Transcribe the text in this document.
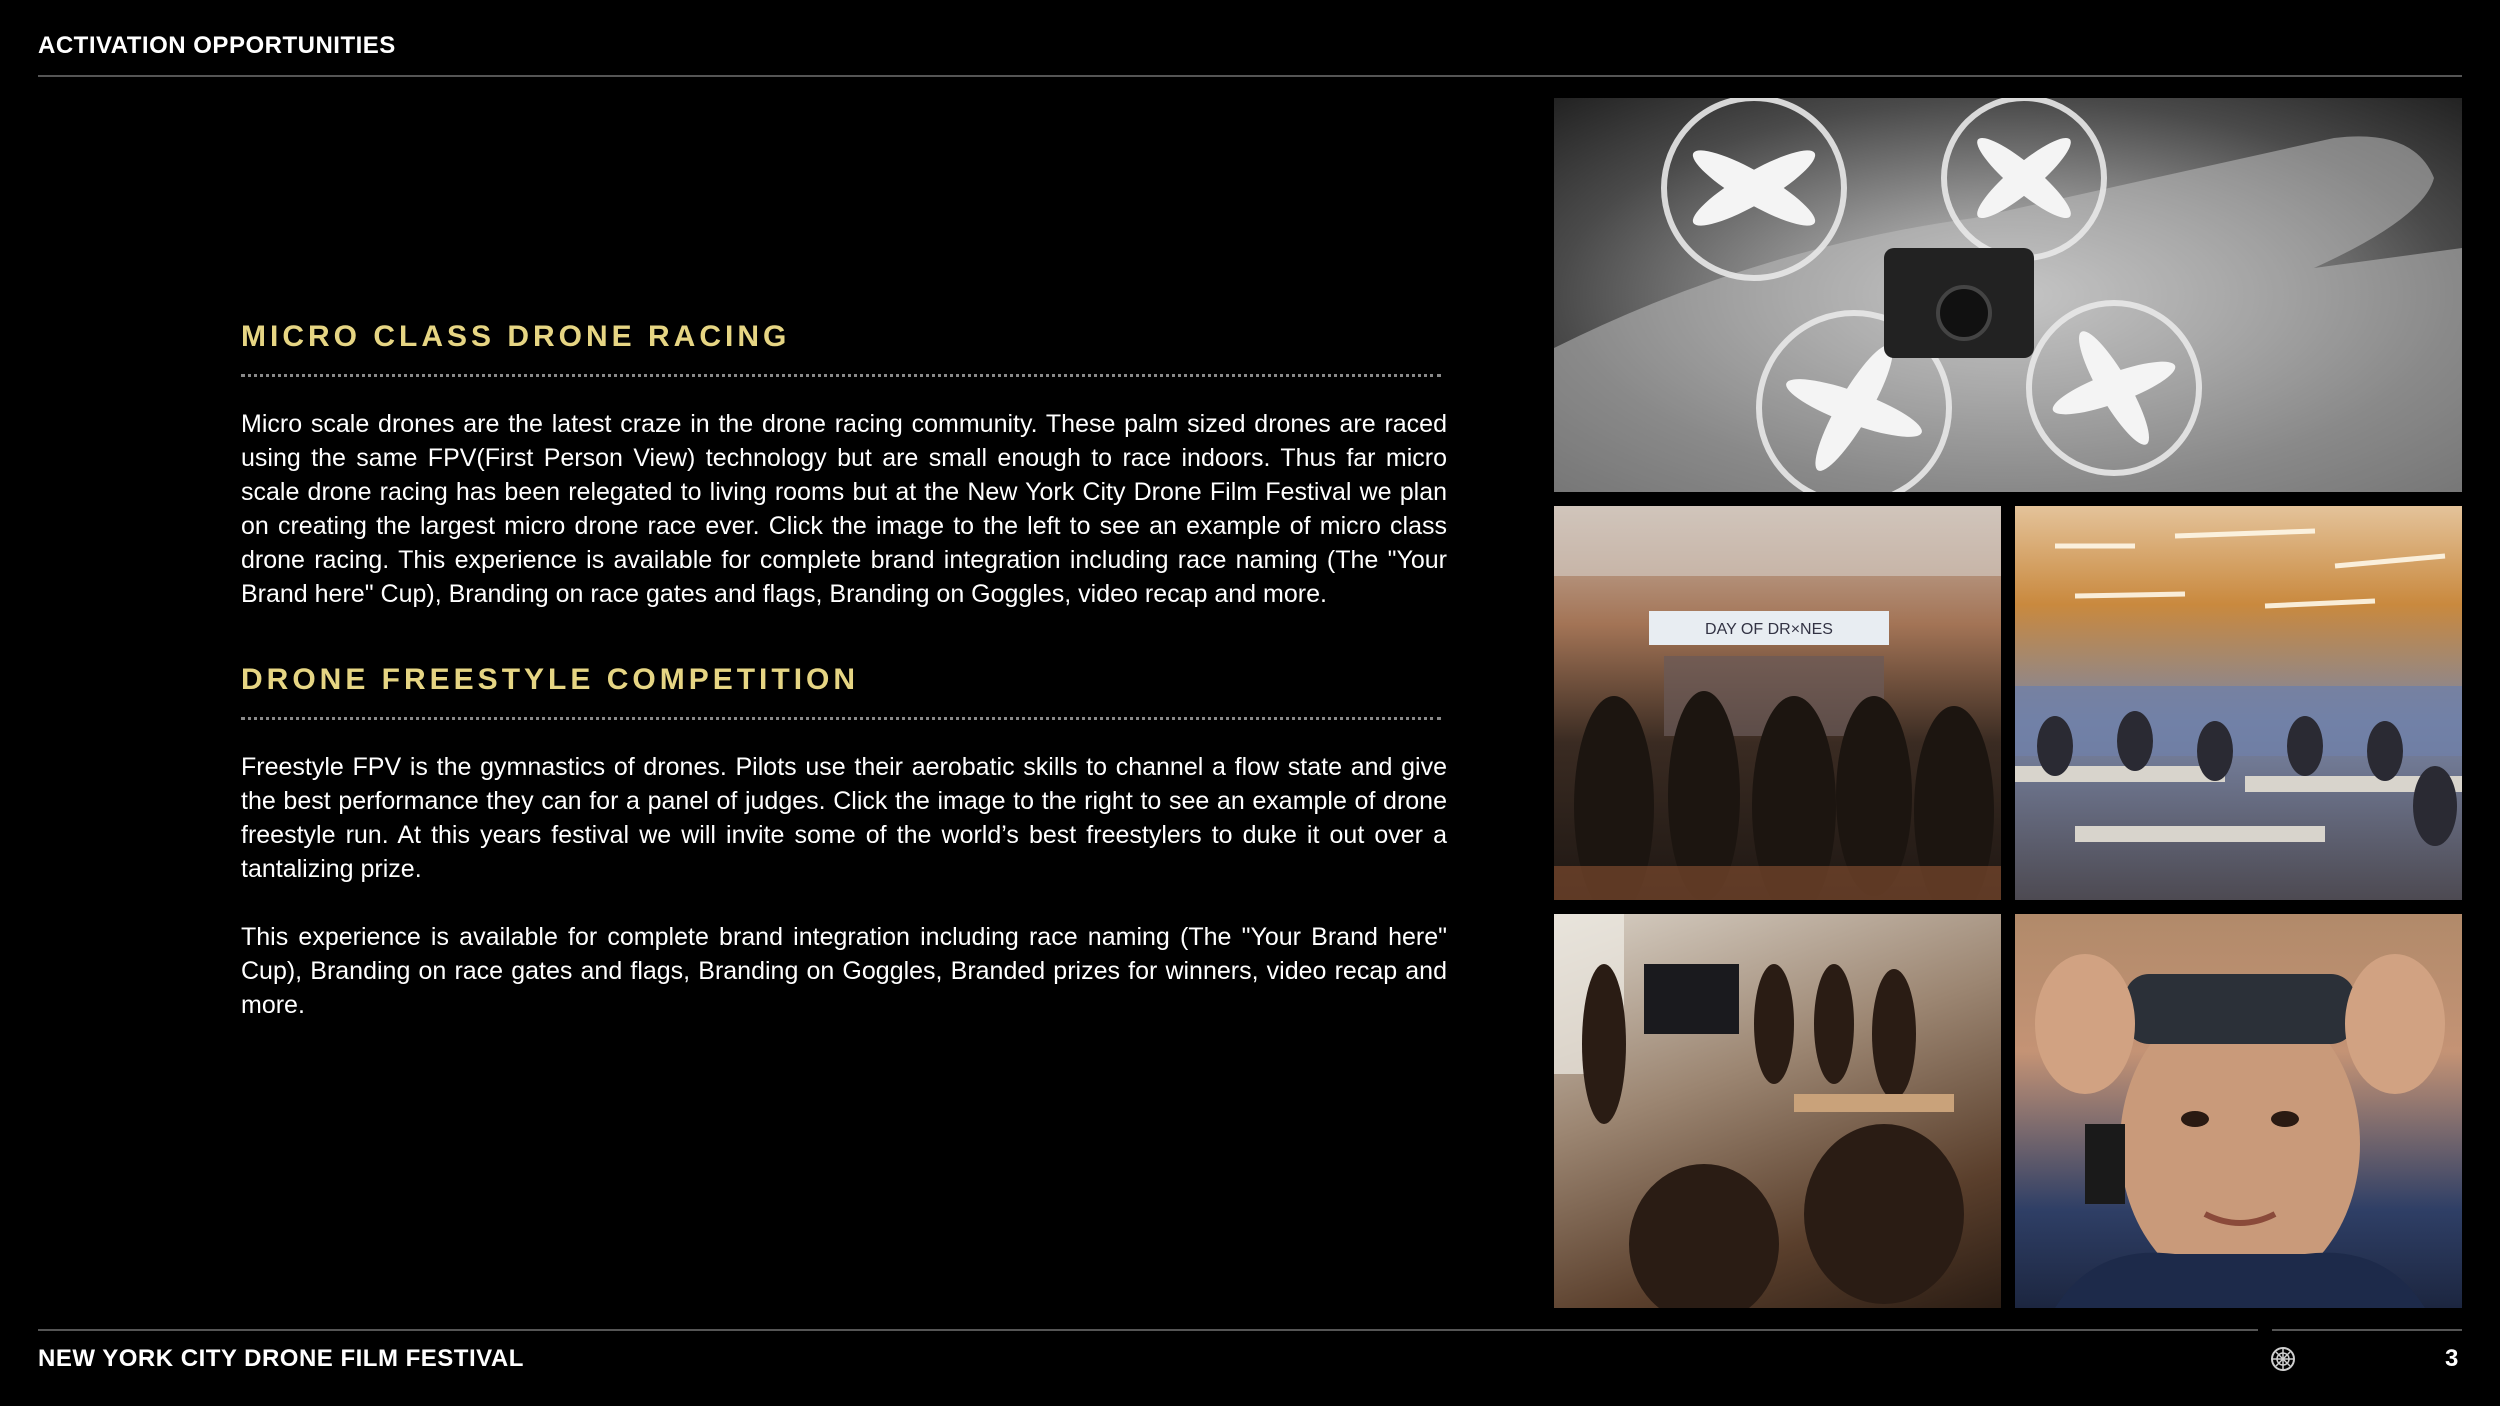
ACTIVATION OPPORTUNITIES
MICRO CLASS DRONE RACING

Micro scale drones are the latest craze in the drone racing community. These palm sized drones are raced using the same FPV(First Person View) technology but are small enough to race indoors. Thus far micro scale drone racing has been relegated to living rooms but at the New York City Drone Film Festival we plan on creating the largest micro drone race ever. Click the image to the left to see an example of micro class drone racing. This experience is available for complete brand integration including race naming (The "Your Brand here" Cup), Branding on race gates and flags, Branding on Goggles, video recap and more.

DRONE FREESTYLE COMPETITION

Freestyle FPV is the gymnastics of drones. Pilots use their aerobatic skills to channel a flow state and give the best performance they can for a panel of judges. Click the image to the right to see an example of drone freestyle run. At this years festival we will invite some of the world’s best freestylers to duke it out over a tantalizing prize.

This experience is available for complete brand integration including race naming (The "Your Brand here" Cup), Branding on race gates and flags, Branding on Goggles, Branded prizes for winners, video recap and more.

DAY OF DR×NES
NEW YORK CITY DRONE FILM FESTIVAL	3
